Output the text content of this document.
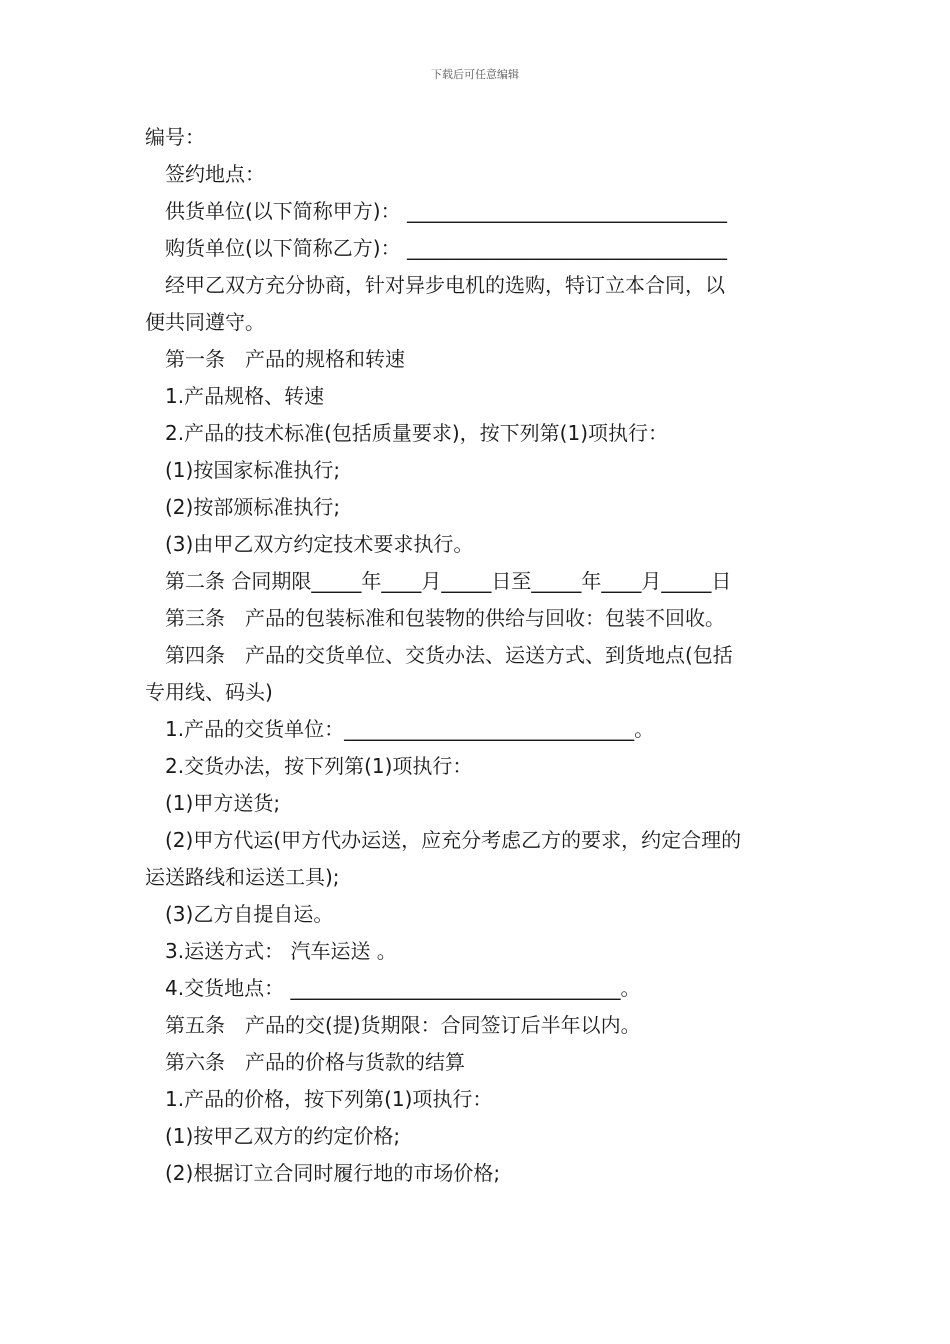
下载后可任意编辑
编号：
签约地点：
供货单位(以下简称甲方)： ________________________________
购货单位(以下简称乙方)： ________________________________
经甲乙双方充分协商，针对异步电机的选购，特订立本合同，以
便共同遵守。
第一条　产品的规格和转速
1.产品规格、转速
2.产品的技术标准(包括质量要求)，按下列第(1)项执行：
(1)按国家标准执行;
(2)按部颁标准执行;
(3)由甲乙双方约定技术要求执行。
第二条 合同期限_____年____月_____日至_____年____月_____日
第三条　产品的包装标准和包装物的供给与回收：包装不回收。
第四条　产品的交货单位、交货办法、运送方式、到货地点(包括
专用线、码头)
1.产品的交货单位：_____________________________。
2.交货办法，按下列第(1)项执行：
(1)甲方送货;
(2)甲方代运(甲方代办运送，应充分考虑乙方的要求，约定合理的
运送路线和运送工具);
(3)乙方自提自运。
3.运送方式： 汽车运送 。
4.交货地点： _________________________________。
第五条　产品的交(提)货期限：合同签订后半年以内。
第六条　产品的价格与货款的结算
1.产品的价格，按下列第(1)项执行：
(1)按甲乙双方的约定价格;
(2)根据订立合同时履行地的市场价格;
